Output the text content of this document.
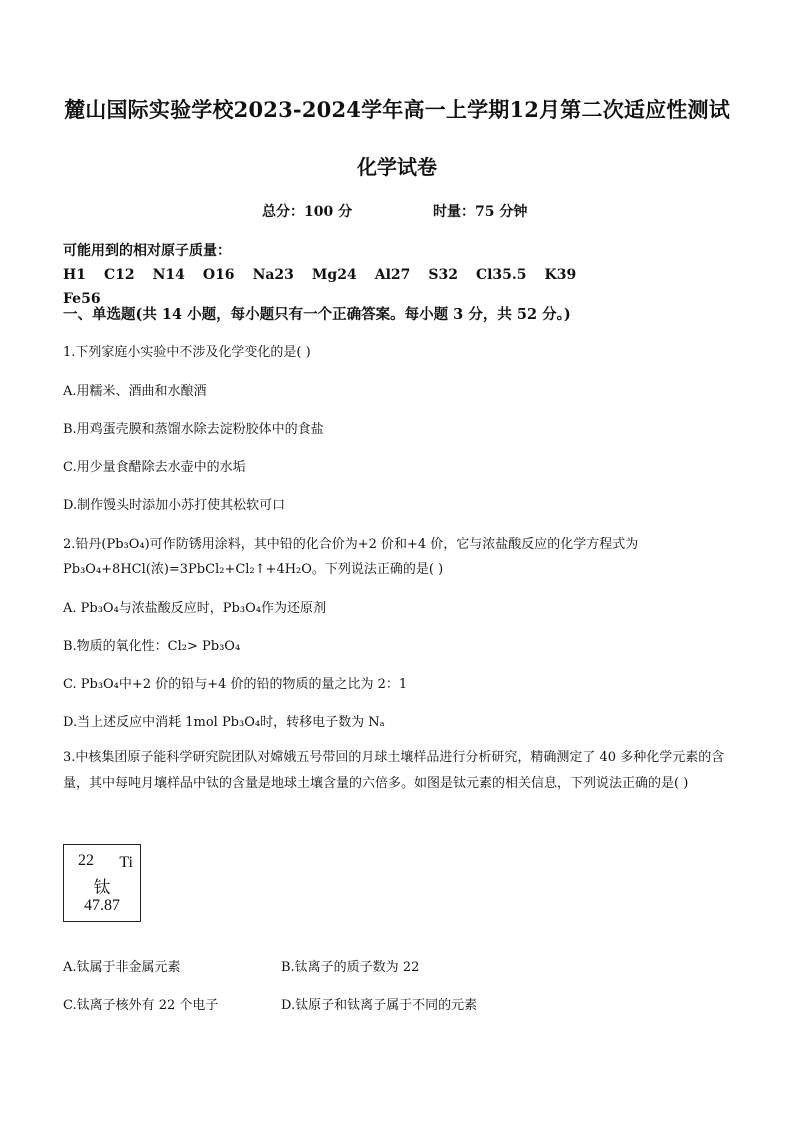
麓山国际实验学校2023-2024学年高一上学期12月第二次适应性测试
化学试卷
总分：100 分	时量：75 分钟
可能用到的相对原子质量：H1 C12 N14 O16 Na23 Mg24 Al27 S32 Cl35.5 K39
Fe56
一、单选题(共 14 小题，每小题只有一个正确答案。每小题 3 分，共 52 分。)
1.下列家庭小实验中不涉及化学变化的是( )
A.用糯米、酒曲和水酿酒
B.用鸡蛋壳膜和蒸馏水除去淀粉胶体中的食盐
C.用少量食醋除去水壶中的水垢
D.制作馒头时添加小苏打使其松软可口
2.铅丹(Pb₃O₄)可作防锈用涂料，其中铅的化合价为+2 价和+4 价，它与浓盐酸反应的化学方程式为
Pb₃O₄+8HCl(浓)=3PbCl₂+Cl₂↑+4H₂O。下列说法正确的是( )
A. Pb₃O₄与浓盐酸反应时，Pb₃O₄作为还原剂
B.物质的氧化性：Cl₂> Pb₃O₄
C. Pb₃O₄中+2 价的铅与+4 价的铅的物质的量之比为 2：1
D.当上述反应中消耗 1mol Pb₃O₄时，转移电子数为 Nₐ
3.中核集团原子能科学研究院团队对嫦娥五号带回的月球土壤样品进行分析研究，精确测定了 40 多种化学元素的含量，其中每吨月壤样品中钛的含量是地球土壤含量的六倍多。如图是钛元素的相关信息，下列说法正确的是( )
22 Ti
钛
47.87
A.钛属于非金属元素	B.钛离子的质子数为 22
C.钛离子核外有 22 个电子	D.钛原子和钛离子属于不同的元素
